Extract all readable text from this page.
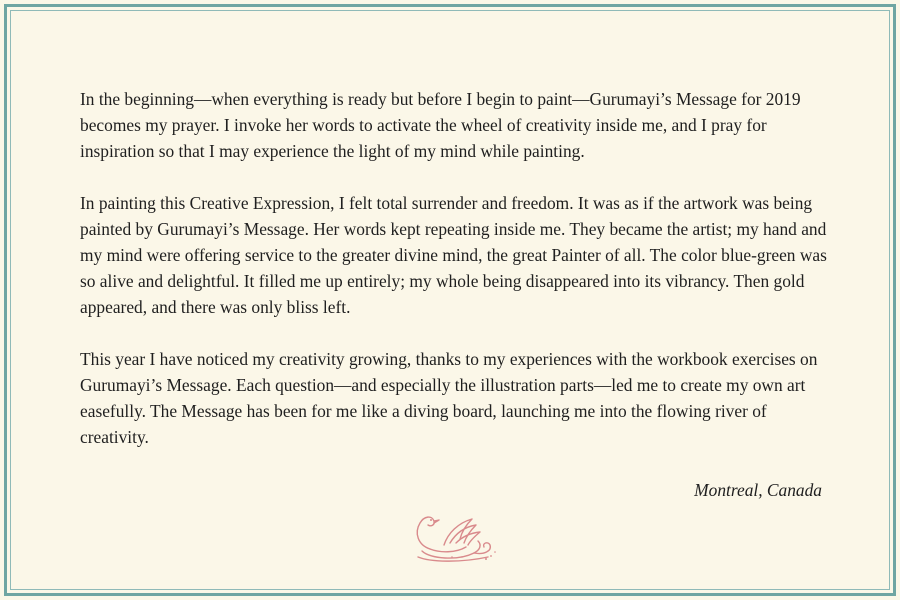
In the beginning—when everything is ready but before I begin to paint—Gurumayi’s Message for 2019 becomes my prayer. I invoke her words to activate the wheel of creativity inside me, and I pray for inspiration so that I may experience the light of my mind while painting.

In painting this Creative Expression, I felt total surrender and freedom. It was as if the artwork was being painted by Gurumayi’s Message. Her words kept repeating inside me. They became the artist; my hand and my mind were offering service to the greater divine mind, the great Painter of all. The color blue-green was so alive and delightful. It filled me up entirely; my whole being disappeared into its vibrancy. Then gold appeared, and there was only bliss left.

This year I have noticed my creativity growing, thanks to my experiences with the workbook exercises on Gurumayi’s Message. Each question—and especially the illustration parts—led me to create my own art easefully. The Message has been for me like a diving board, launching me into the flowing river of creativity.

Montreal, Canada
